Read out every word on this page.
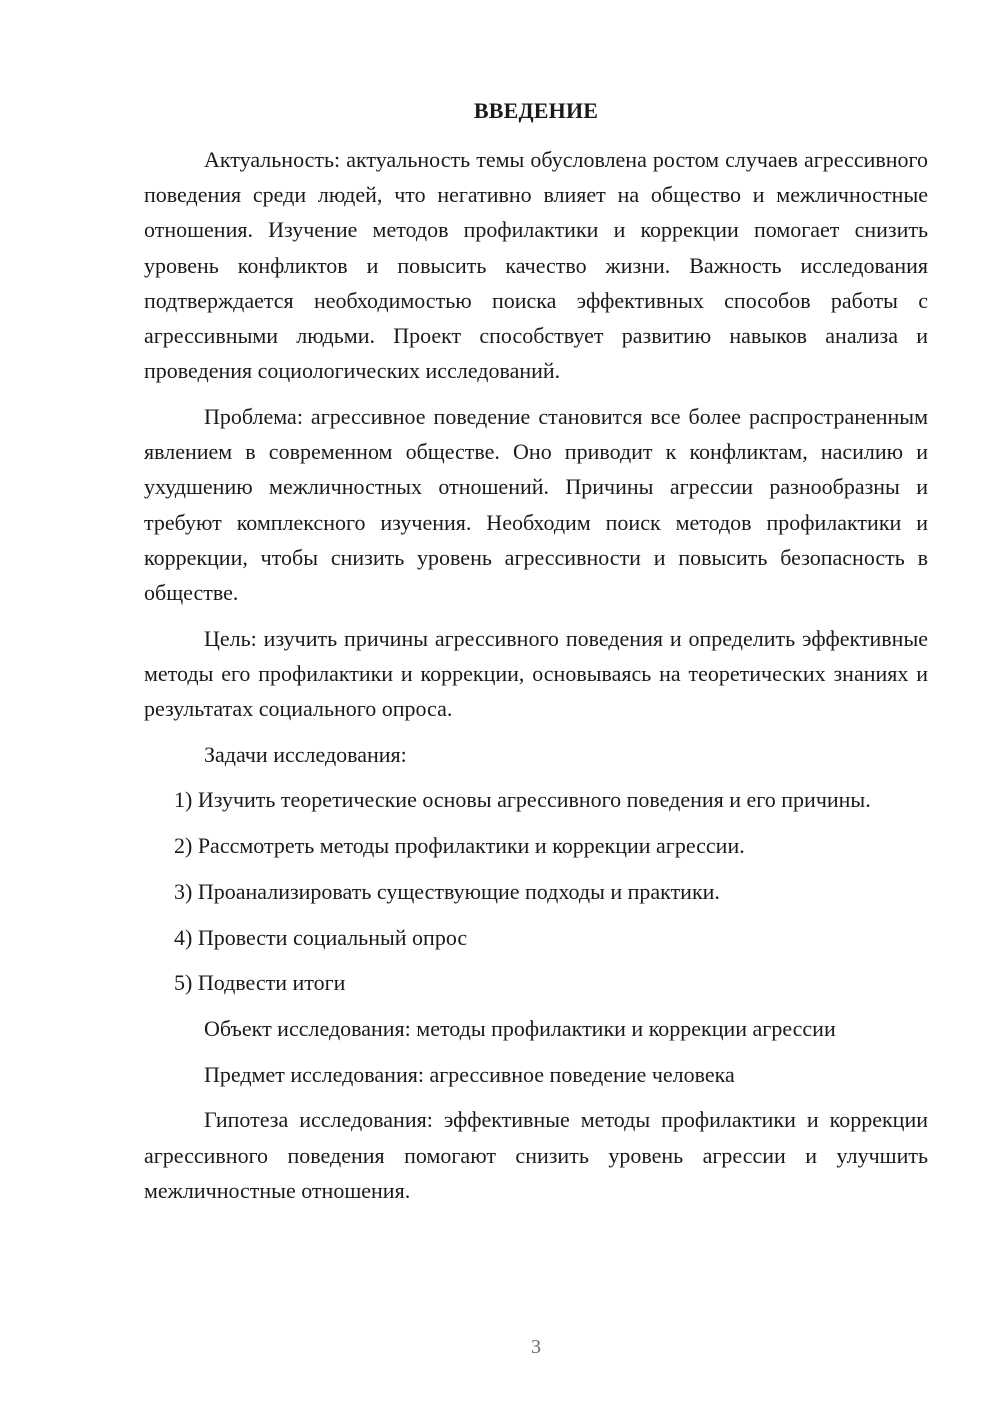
ВВЕДЕНИЕ

Актуальность: актуальность темы обусловлена ростом случаев агрессивного поведения среди людей, что негативно влияет на общество и межличностные отношения. Изучение методов профилактики и коррекции помогает снизить уровень конфликтов и повысить качество жизни. Важность исследования подтверждается необходимостью поиска эффективных способов работы с агрессивными людьми. Проект способствует развитию навыков анализа и проведения социологических исследований.

Проблема: агрессивное поведение становится все более распространенным явлением в современном обществе. Оно приводит к конфликтам, насилию и ухудшению межличностных отношений. Причины агрессии разнообразны и требуют комплексного изучения. Необходим поиск методов профилактики и коррекции, чтобы снизить уровень агрессивности и повысить безопасность в обществе.

Цель: изучить причины агрессивного поведения и определить эффективные методы его профилактики и коррекции, основываясь на теоретических знаниях и результатах социального опроса.

Задачи исследования:

1) Изучить теоретические основы агрессивного поведения и его причины.

2) Рассмотреть методы профилактики и коррекции агрессии.

3) Проанализировать существующие подходы и практики.

4) Провести социальный опрос

5) Подвести итоги

Объект исследования: методы профилактики и коррекции агрессии

Предмет исследования: агрессивное поведение человека

Гипотеза исследования: эффективные методы профилактики и коррекции агрессивного поведения помогают снизить уровень агрессии и улучшить межличностные отношения.

3
